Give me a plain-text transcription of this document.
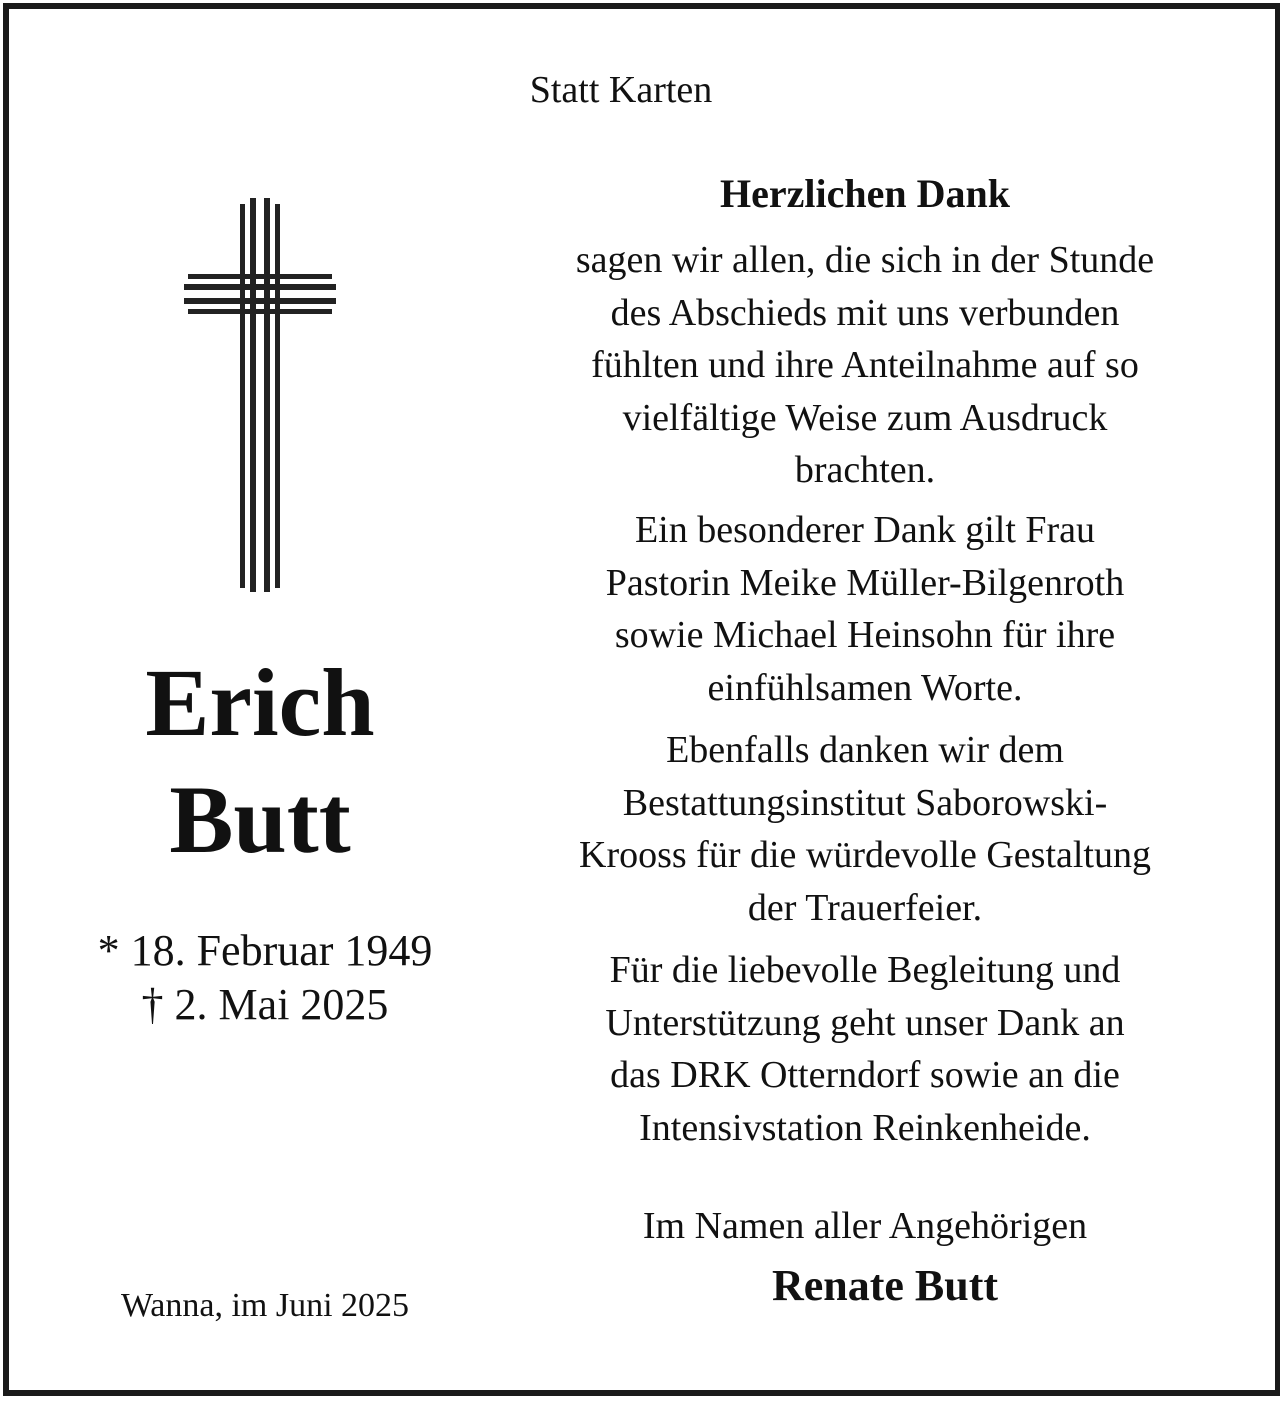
Statt Karten

Erich

Butt

* 18. Februar 1949
† 2. Mai 2025

Wanna, im Juni 2025

Herzlichen Dank

sagen wir allen, die sich in der Stunde
des Abschieds mit uns verbunden
fühlten und ihre Anteilnahme auf so
vielfältige Weise zum Ausdruck
brachten.

Ein besonderer Dank gilt Frau
Pastorin Meike Müller-Bilgenroth
sowie Michael Heinsohn für ihre
einfühlsamen Worte.

Ebenfalls danken wir dem
Bestattungsinstitut Saborowski-
Krooss für die würdevolle Gestaltung
der Trauerfeier.

Für die liebevolle Begleitung und
Unterstützung geht unser Dank an
das DRK Otterndorf sowie an die
Intensivstation Reinkenheide.

Im Namen aller Angehörigen

Renate Butt
